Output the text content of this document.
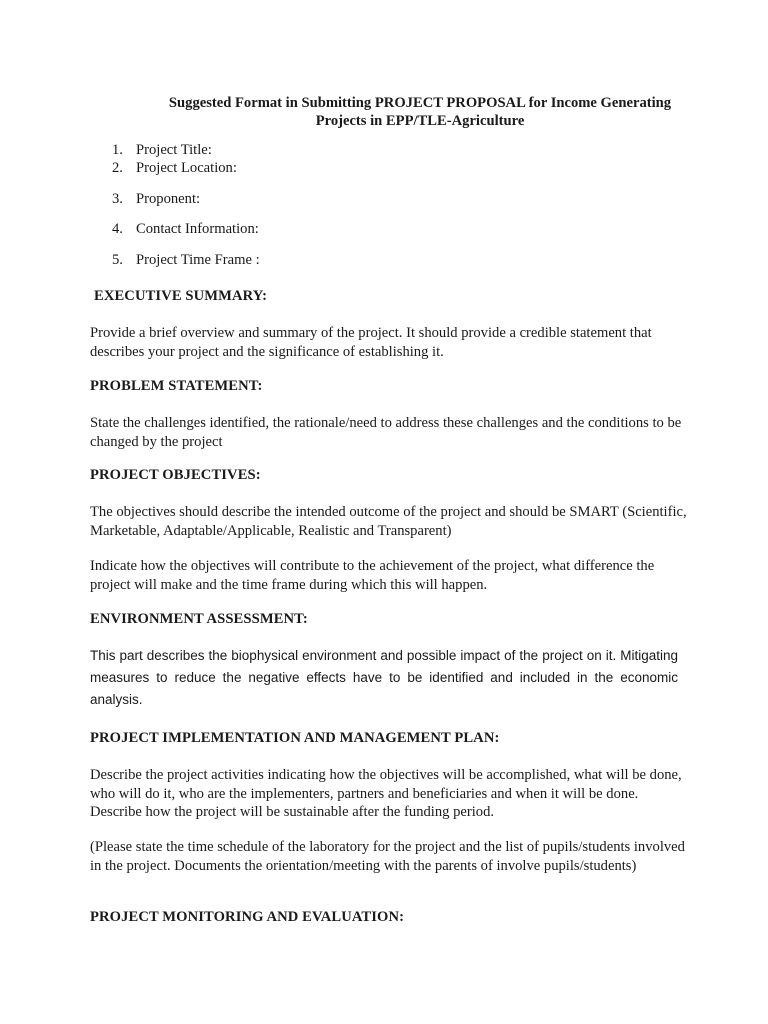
Suggested Format in Submitting PROJECT PROPOSAL for Income Generating
Projects in EPP/TLE-Agriculture
1. Project Title:
2. Project Location:
3. Proponent:
4. Contact Information:
5. Project Time Frame :
EXECUTIVE SUMMARY:

Provide a brief overview and summary of the project. It should provide a credible statement that describes your project and the significance of establishing it.

PROBLEM STATEMENT:

State the challenges identified, the rationale/need to address these challenges and the conditions to be changed by the project

PROJECT OBJECTIVES:

The objectives should describe the intended outcome of the project and should be SMART (Scientific, Marketable, Adaptable/Applicable, Realistic and Transparent)

Indicate how the objectives will contribute to the achievement of the project, what difference the project will make and the time frame during which this will happen.

ENVIRONMENT ASSESSMENT:

This part describes the biophysical environment and possible impact of the project on it. Mitigating measures to reduce the negative effects have to be identified and included in the economic analysis.

PROJECT IMPLEMENTATION AND MANAGEMENT PLAN:

Describe the project activities indicating how the objectives will be accomplished, what will be done, who will do it, who are the implementers, partners and beneficiaries and when it will be done. Describe how the project will be sustainable after the funding period.

(Please state the time schedule of the laboratory for the project and the list of pupils/students involved in the project. Documents the orientation/meeting with the parents of involve pupils/students)

PROJECT MONITORING AND EVALUATION:
